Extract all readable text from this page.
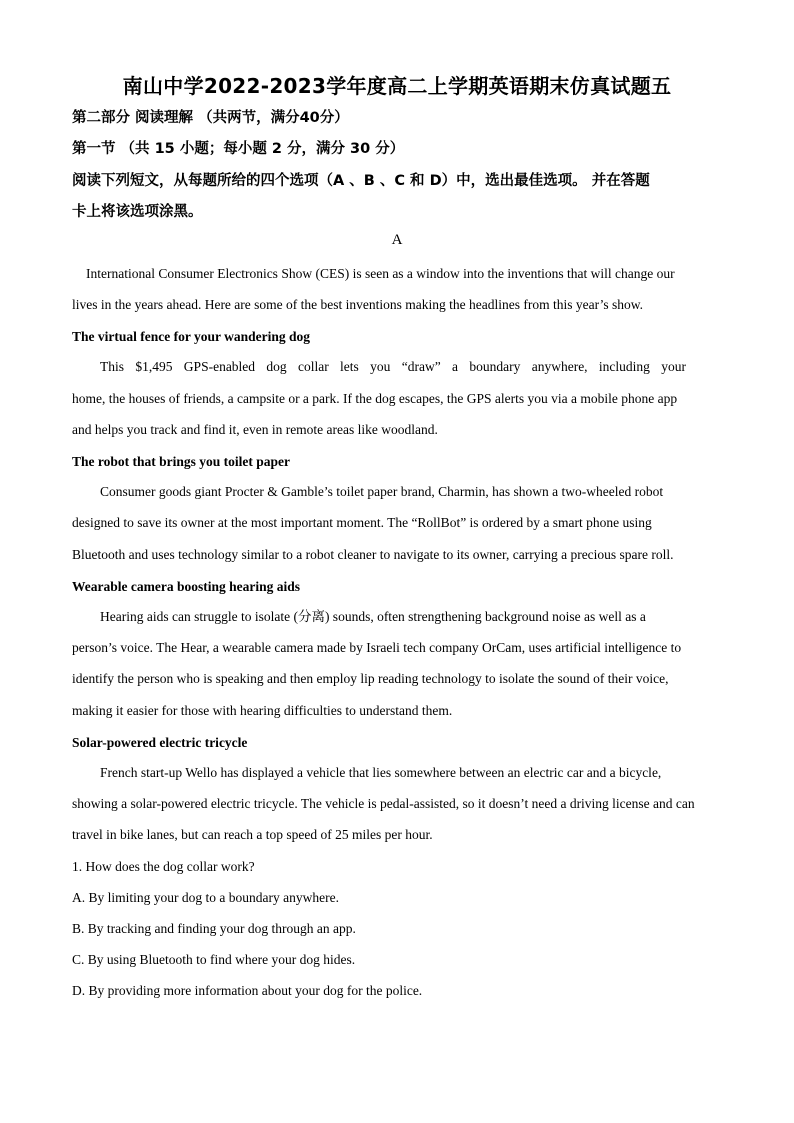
南山中学2022-2023学年度高二上学期英语期末仿真试题五
第二部分 阅读理解 （共两节，满分40分）
第一节 （共 15 小题；每小题 2 分，满分 30 分）
阅读下列短文，从每题所给的四个选项（A 、B 、C 和 D）中，选出最佳选项。 并在答题
卡上将该选项涂黑。
A
International Consumer Electronics Show (CES) is seen as a window into the inventions that will change our
lives in the years ahead. Here are some of the best inventions making the headlines from this year’s show.
The virtual fence for your wandering dog
This $1,495 GPS-enabled dog collar lets you “draw” a boundary anywhere, including your
home, the houses of friends, a campsite or a park. If the dog escapes, the GPS alerts you via a mobile phone app
and helps you track and find it, even in remote areas like woodland.
The robot that brings you toilet paper
Consumer goods giant Procter & Gamble’s toilet paper brand, Charmin, has shown a two-wheeled robot
designed to save its owner at the most important moment. The “RollBot” is ordered by a smart phone using
Bluetooth and uses technology similar to a robot cleaner to navigate to its owner, carrying a precious spare roll.
Wearable camera boosting hearing aids
Hearing aids can struggle to isolate (分离) sounds, often strengthening background noise as well as a
person’s voice. The Hear, a wearable camera made by Israeli tech company OrCam, uses artificial intelligence to
identify the person who is speaking and then employ lip reading technology to isolate the sound of their voice,
making it easier for those with hearing difficulties to understand them.
Solar-powered electric tricycle
French start-up Wello has displayed a vehicle that lies somewhere between an electric car and a bicycle,
showing a solar-powered electric tricycle. The vehicle is pedal-assisted, so it doesn’t need a driving license and can
travel in bike lanes, but can reach a top speed of 25 miles per hour.
1. How does the dog collar work?
A. By limiting your dog to a boundary anywhere.
B. By tracking and finding your dog through an app.
C. By using Bluetooth to find where your dog hides.
D. By providing more information about your dog for the police.
